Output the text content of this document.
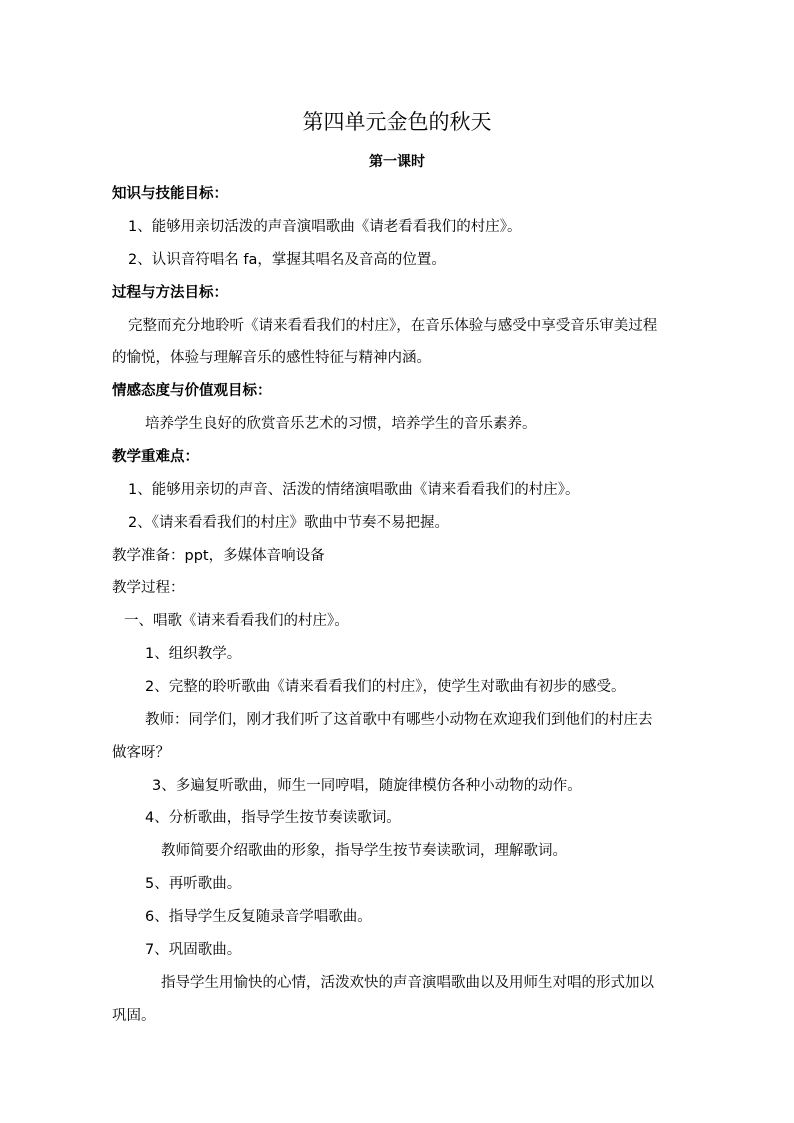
第四单元金色的秋天
第一课时
知识与技能目标：
1、能够用亲切活泼的声音演唱歌曲《请老看看我们的村庄》。
2、认识音符唱名 fa，掌握其唱名及音高的位置。
过程与方法目标：
完整而充分地聆听《请来看看我们的村庄》，在音乐体验与感受中享受音乐审美过程
的愉悦，体验与理解音乐的感性特征与精神内涵。
情感态度与价值观目标：
培养学生良好的欣赏音乐艺术的习惯，培养学生的音乐素养。
教学重难点：
1、能够用亲切的声音、活泼的情绪演唱歌曲《请来看看我们的村庄》。
2、《请来看看我们的村庄》歌曲中节奏不易把握。
教学准备：ppt，多媒体音响设备
教学过程：
一、唱歌《请来看看我们的村庄》。
1、组织教学。
2、完整的聆听歌曲《请来看看我们的村庄》，使学生对歌曲有初步的感受。
教师：同学们，刚才我们听了这首歌中有哪些小动物在欢迎我们到他们的村庄去
做客呀？
3、多遍复听歌曲，师生一同哼唱，随旋律模仿各种小动物的动作。
4、分析歌曲，指导学生按节奏读歌词。
教师简要介绍歌曲的形象，指导学生按节奏读歌词，理解歌词。
5、再听歌曲。
6、指导学生反复随录音学唱歌曲。
7、巩固歌曲。
指导学生用愉快的心情，活泼欢快的声音演唱歌曲以及用师生对唱的形式加以
巩固。
